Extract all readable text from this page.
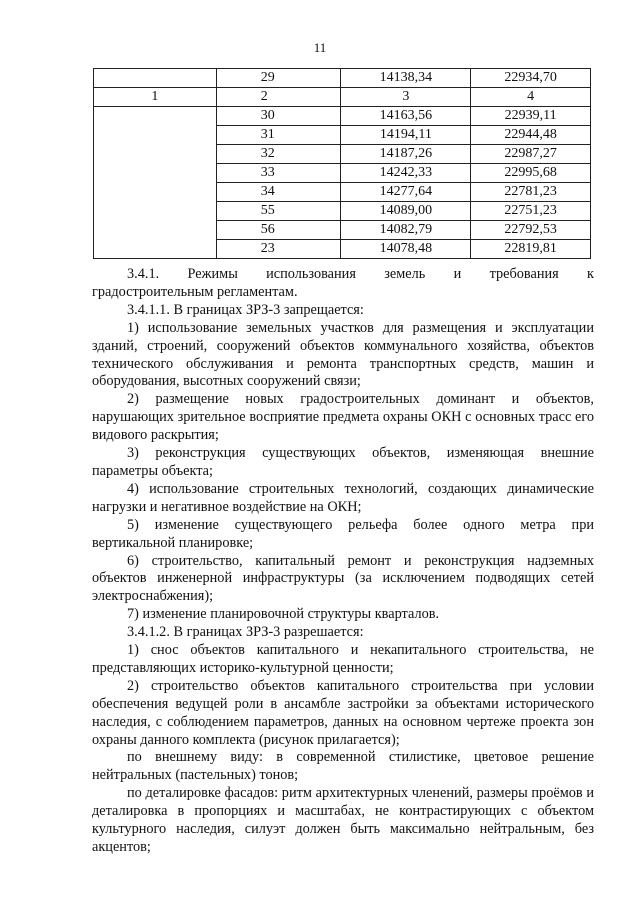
11
	29	14138,34	22934,70
1	2	3	4
	30	14163,56	22939,11
	31	14194,11	22944,48
	32	14187,26	22987,27
	33	14242,33	22995,68
	34	14277,64	22781,23
	55	14089,00	22751,23
	56	14082,79	22792,53
	23	14078,48	22819,81

3.4.1.    Режимы    использования    земель    и    требования    к

градостроительным регламентам.

3.4.1.1. В границах ЗРЗ-3 запрещается:

1) использование земельных участков для размещения и эксплуатации зданий, строений, сооружений объектов коммунального хозяйства, объектов технического обслуживания и ремонта транспортных средств, машин и оборудования, высотных сооружений связи;

2) размещение новых градостроительных доминант и объектов, нарушающих зрительное восприятие предмета охраны ОКН с основных трасс его видового раскрытия;

3) реконструкция существующих объектов, изменяющая внешние параметры объекта;

4) использование строительных технологий, создающих динамические нагрузки и негативное воздействие на ОКН;

5) изменение существующего рельефа более одного метра при вертикальной планировке;

6) строительство, капитальный ремонт и реконструкция надземных объектов инженерной инфраструктуры (за исключением подводящих сетей электроснабжения);

7) изменение планировочной структуры кварталов.

3.4.1.2. В границах ЗРЗ-3 разрешается:

1) снос объектов капитального и некапитального строительства, не представляющих историко-культурной ценности;

2) строительство объектов капитального строительства при условии обеспечения ведущей роли в ансамбле застройки за объектами исторического наследия, с соблюдением параметров, данных на основном чертеже проекта зон охраны данного комплекта (рисунок прилагается);

по внешнему виду: в современной стилистике, цветовое решение нейтральных (пастельных) тонов;

по деталировке фасадов: ритм архитектурных членений, размеры проёмов и деталировка в пропорциях и масштабах, не контрастирующих с объектом культурного наследия, силуэт должен быть максимально нейтральным, без акцентов;
